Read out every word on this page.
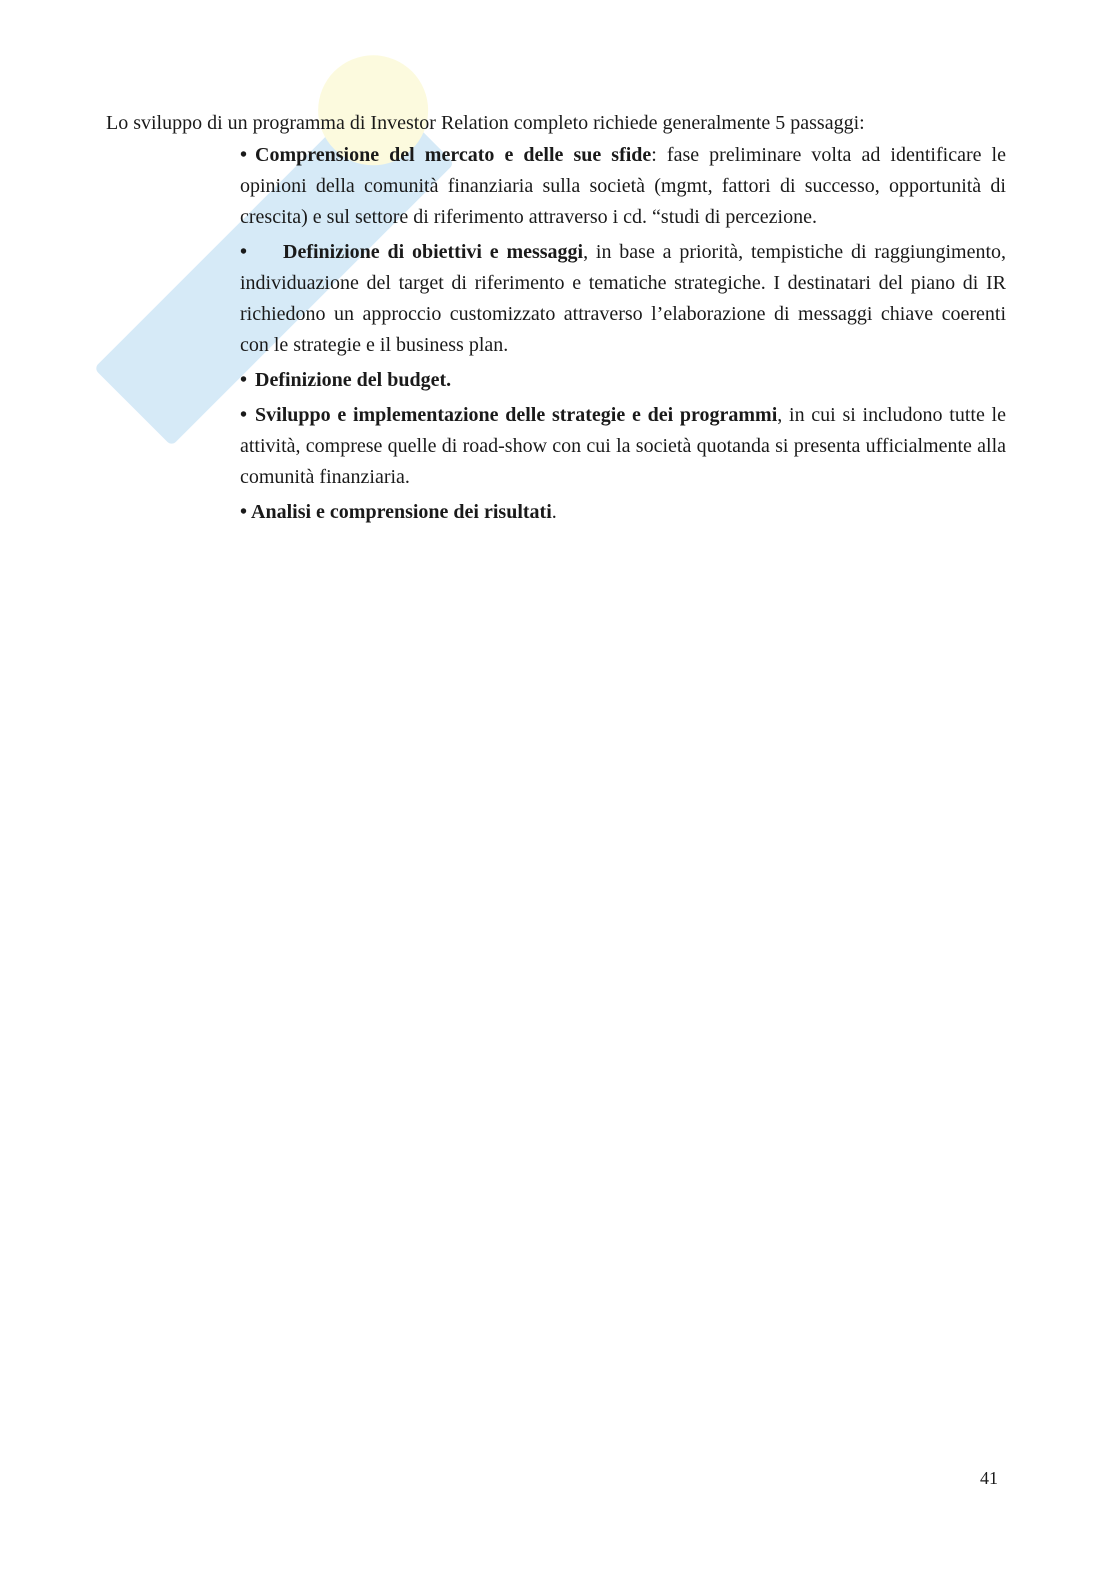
Lo sviluppo di un programma di Investor Relation completo richiede generalmente 5 passaggi:

• Comprensione del mercato e delle sue sfide: fase preliminare volta ad identificare le opinioni della comunità finanziaria sulla società (mgmt, fattori di successo, opportunità di crescita) e sul settore di riferimento attraverso i cd. “studi di percezione.

• Definizione di obiettivi e messaggi, in base a priorità, tempistiche di raggiungimento, individuazione del target di riferimento e tematiche strategiche. I destinatari del piano di IR richiedono un approccio customizzato attraverso l’elaborazione di messaggi chiave coerenti con le strategie e il business plan.

• Definizione del budget.

• Sviluppo e implementazione delle strategie e dei programmi, in cui si includono tutte le attività, comprese quelle di road-show con cui la società quotanda si presenta ufficialmente alla comunità finanziaria.

• Analisi e comprensione dei risultati.

41
